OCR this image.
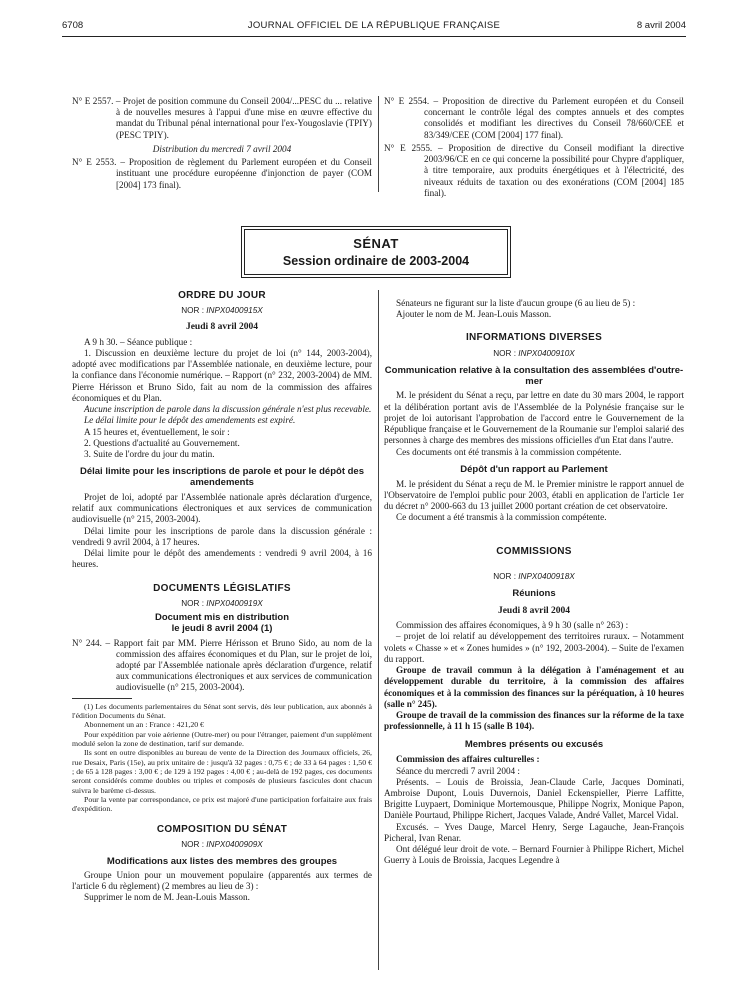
6708	JOURNAL OFFICIEL DE LA RÉPUBLIQUE FRANÇAISE	8 avril 2004

N° E 2557. – Projet de position commune du Conseil 2004/...PESC du ... relative à de nouvelles mesures à l'appui d'une mise en œuvre effective du mandat du Tribunal pénal international pour l'ex-Yougoslavie (TPIY) (PESC TPIY).

Distribution du mercredi 7 avril 2004

N° E 2553. – Proposition de règlement du Parlement européen et du Conseil instituant une procédure européenne d'injonction de payer (COM [2004] 173 final).

N° E 2554. – Proposition de directive du Parlement européen et du Conseil concernant le contrôle légal des comptes annuels et des comptes consolidés et modifiant les directives du Conseil 78/660/CEE et 83/349/CEE (COM [2004] 177 final).

N° E 2555. – Proposition de directive du Conseil modifiant la directive 2003/96/CE en ce qui concerne la possibilité pour Chypre d'appliquer, à titre temporaire, aux produits énergétiques et à l'électricité, des niveaux réduits de taxation ou des exonérations (COM [2004] 185 final).

SÉNAT
Session ordinaire de 2003-2004
ORDRE DU JOUR
NOR : INPX0400915X
Jeudi 8 avril 2004

A 9 h 30. – Séance publique :

1. Discussion en deuxième lecture du projet de loi (n° 144, 2003-2004), adopté avec modifications par l'Assemblée nationale, en deuxième lecture, pour la confiance dans l'économie numérique. – Rapport (n° 232, 2003-2004) de MM. Pierre Hérisson et Bruno Sido, fait au nom de la commission des affaires économiques et du Plan.

Aucune inscription de parole dans la discussion générale n'est plus recevable.

Le délai limite pour le dépôt des amendements est expiré.

A 15 heures et, éventuellement, le soir :

2. Questions d'actualité au Gouvernement.

3. Suite de l'ordre du jour du matin.

Délai limite pour les inscriptions de parole et pour le dépôt des amendements

Projet de loi, adopté par l'Assemblée nationale après déclaration d'urgence, relatif aux communications électroniques et aux services de communication audiovisuelle (n° 215, 2003-2004).

Délai limite pour les inscriptions de parole dans la discussion générale : vendredi 9 avril 2004, à 17 heures.

Délai limite pour le dépôt des amendements : vendredi 9 avril 2004, à 16 heures.

DOCUMENTS LÉGISLATIFS
NOR : INPX0400919X
Document mis en distribution
le jeudi 8 avril 2004 (1)

N° 244. – Rapport fait par MM. Pierre Hérisson et Bruno Sido, au nom de la commission des affaires économiques et du Plan, sur le projet de loi, adopté par l'Assemblée nationale après déclaration d'urgence, relatif aux communications électroniques et aux services de communication audiovisuelle (n° 215, 2003-2004).

(1) Les documents parlementaires du Sénat sont servis, dès leur publication, aux abonnés à l'édition Documents du Sénat.

Abonnement un an : France : 421,20 €

Pour expédition par voie aérienne (Outre-mer) ou pour l'étranger, paiement d'un supplément modulé selon la zone de destination, tarif sur demande.

Ils sont en outre disponibles au bureau de vente de la Direction des Journaux officiels, 26, rue Desaix, Paris (15e), au prix unitaire de : jusqu'à 32 pages : 0,75 € ; de 33 à 64 pages : 1,50 € ; de 65 à 128 pages : 3,00 € ; de 129 à 192 pages : 4,00 € ; au-delà de 192 pages, ces documents seront considérés comme doubles ou triples et composés de plusieurs fascicules dont chacun suivra le barème ci-dessus.

Pour la vente par correspondance, ce prix est majoré d'une participation forfaitaire aux frais d'expédition.

COMPOSITION DU SÉNAT
NOR : INPX0400909X
Modifications aux listes des membres des groupes

Groupe Union pour un mouvement populaire (apparentés aux termes de l'article 6 du règlement) (2 membres au lieu de 3) :

Supprimer le nom de M. Jean-Louis Masson.

Sénateurs ne figurant sur la liste d'aucun groupe (6 au lieu de 5) :

Ajouter le nom de M. Jean-Louis Masson.

INFORMATIONS DIVERSES
NOR : INPX0400910X
Communication relative à la consultation des assemblées d'outre-mer

M. le président du Sénat a reçu, par lettre en date du 30 mars 2004, le rapport et la délibération portant avis de l'Assemblée de la Polynésie française sur le projet de loi autorisant l'approbation de l'accord entre le Gouvernement de la République française et le Gouvernement de la Roumanie sur l'emploi salarié des personnes à charge des membres des missions officielles d'un Etat dans l'autre.

Ces documents ont été transmis à la commission compétente.

Dépôt d'un rapport au Parlement

M. le président du Sénat a reçu de M. le Premier ministre le rapport annuel de l'Observatoire de l'emploi public pour 2003, établi en application de l'article 1er du décret n° 2000-663 du 13 juillet 2000 portant création de cet observatoire.

Ce document a été transmis à la commission compétente.

COMMISSIONS
NOR : INPX0400918X
Réunions
Jeudi 8 avril 2004

Commission des affaires économiques, à 9 h 30 (salle n° 263) :

– projet de loi relatif au développement des territoires ruraux. – Notamment volets « Chasse » et « Zones humides » (n° 192, 2003-2004). – Suite de l'examen du rapport.

Groupe de travail commun à la délégation à l'aménagement et au développement durable du territoire, à la commission des affaires économiques et à la commission des finances sur la péréquation, à 10 heures (salle n° 245).

Groupe de travail de la commission des finances sur la réforme de la taxe professionnelle, à 11 h 15 (salle B 104).

Membres présents ou excusés

Commission des affaires culturelles :

Séance du mercredi 7 avril 2004 :

Présents. – Louis de Broissia, Jean-Claude Carle, Jacques Dominati, Ambroise Dupont, Louis Duvernois, Daniel Eckenspieller, Pierre Laffitte, Brigitte Luypaert, Dominique Mortemousque, Philippe Nogrix, Monique Papon, Danièle Pourtaud, Philippe Richert, Jacques Valade, André Vallet, Marcel Vidal.

Excusés. – Yves Dauge, Marcel Henry, Serge Lagauche, Jean-François Picheral, Ivan Renar.

Ont délégué leur droit de vote. – Bernard Fournier à Philippe Richert, Michel Guerry à Louis de Broissia, Jacques Legendre à
